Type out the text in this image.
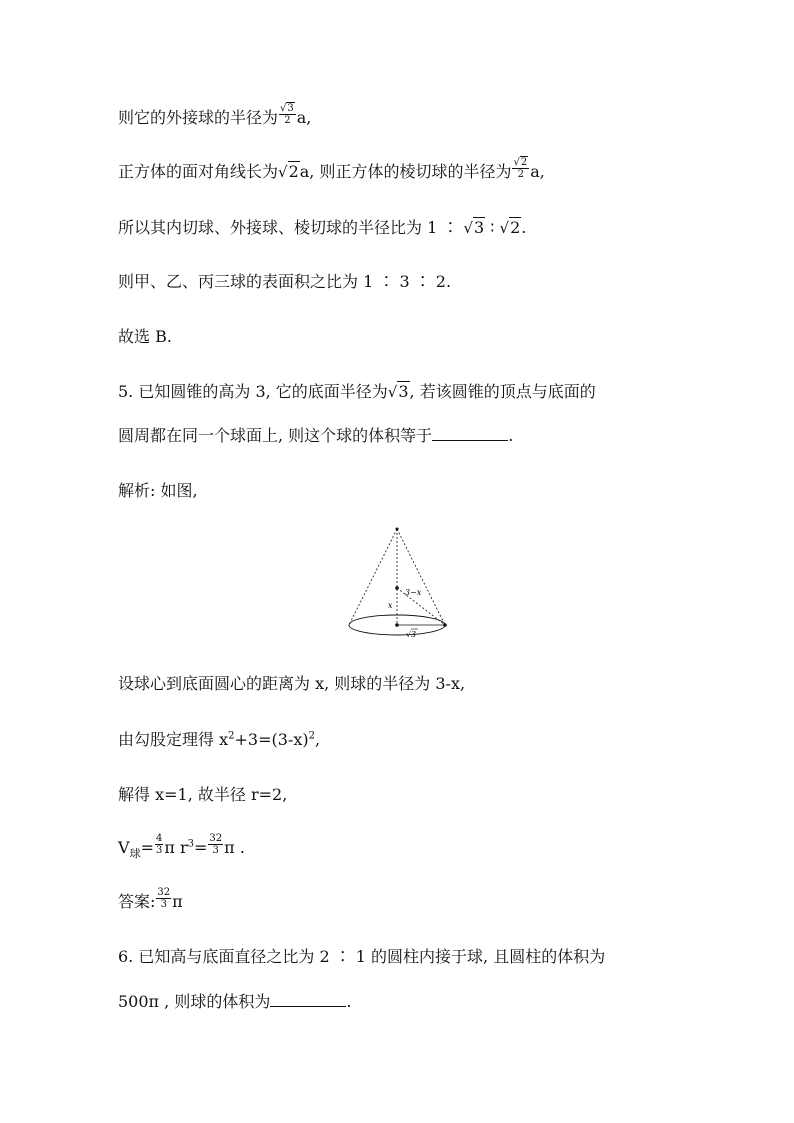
则它的外接球的半径为 $\frac{√3}{2} a$,
正方体的面对角线长为√2a, 则正方体的棱切球的半径为 $\frac{√2}{2} a$,
所以其内切球、外接球、棱切球的半径比为 1 ∶ √3 ∶ √2.
则甲、乙、丙三球的表面积之比为 1 ∶ 3 ∶ 2.
故选 B.
5. 已知圆锥的高为 3, 它的底面半径为√3, 若该圆锥的顶点与底面的
圆周都在同一个球面上, 则这个球的体积等于	.
解析: 如图,
3−x
x
√ 3
设球心到底面圆心的距离为 x, 则球的半径为 3-x,
由勾股定理得 $x^2+3=(3-x)^2$,
解得 x=1, 故半径 r=2,
$V_球= \frac{4}{3}$ π $r^3= \frac{32}{3}$ π .
答案: $\frac{32}{3}$ π
6. 已知高与底面直径之比为 2 ∶ 1 的圆柱内接于球, 且圆柱的体积为
500π , 则球的体积为	.
